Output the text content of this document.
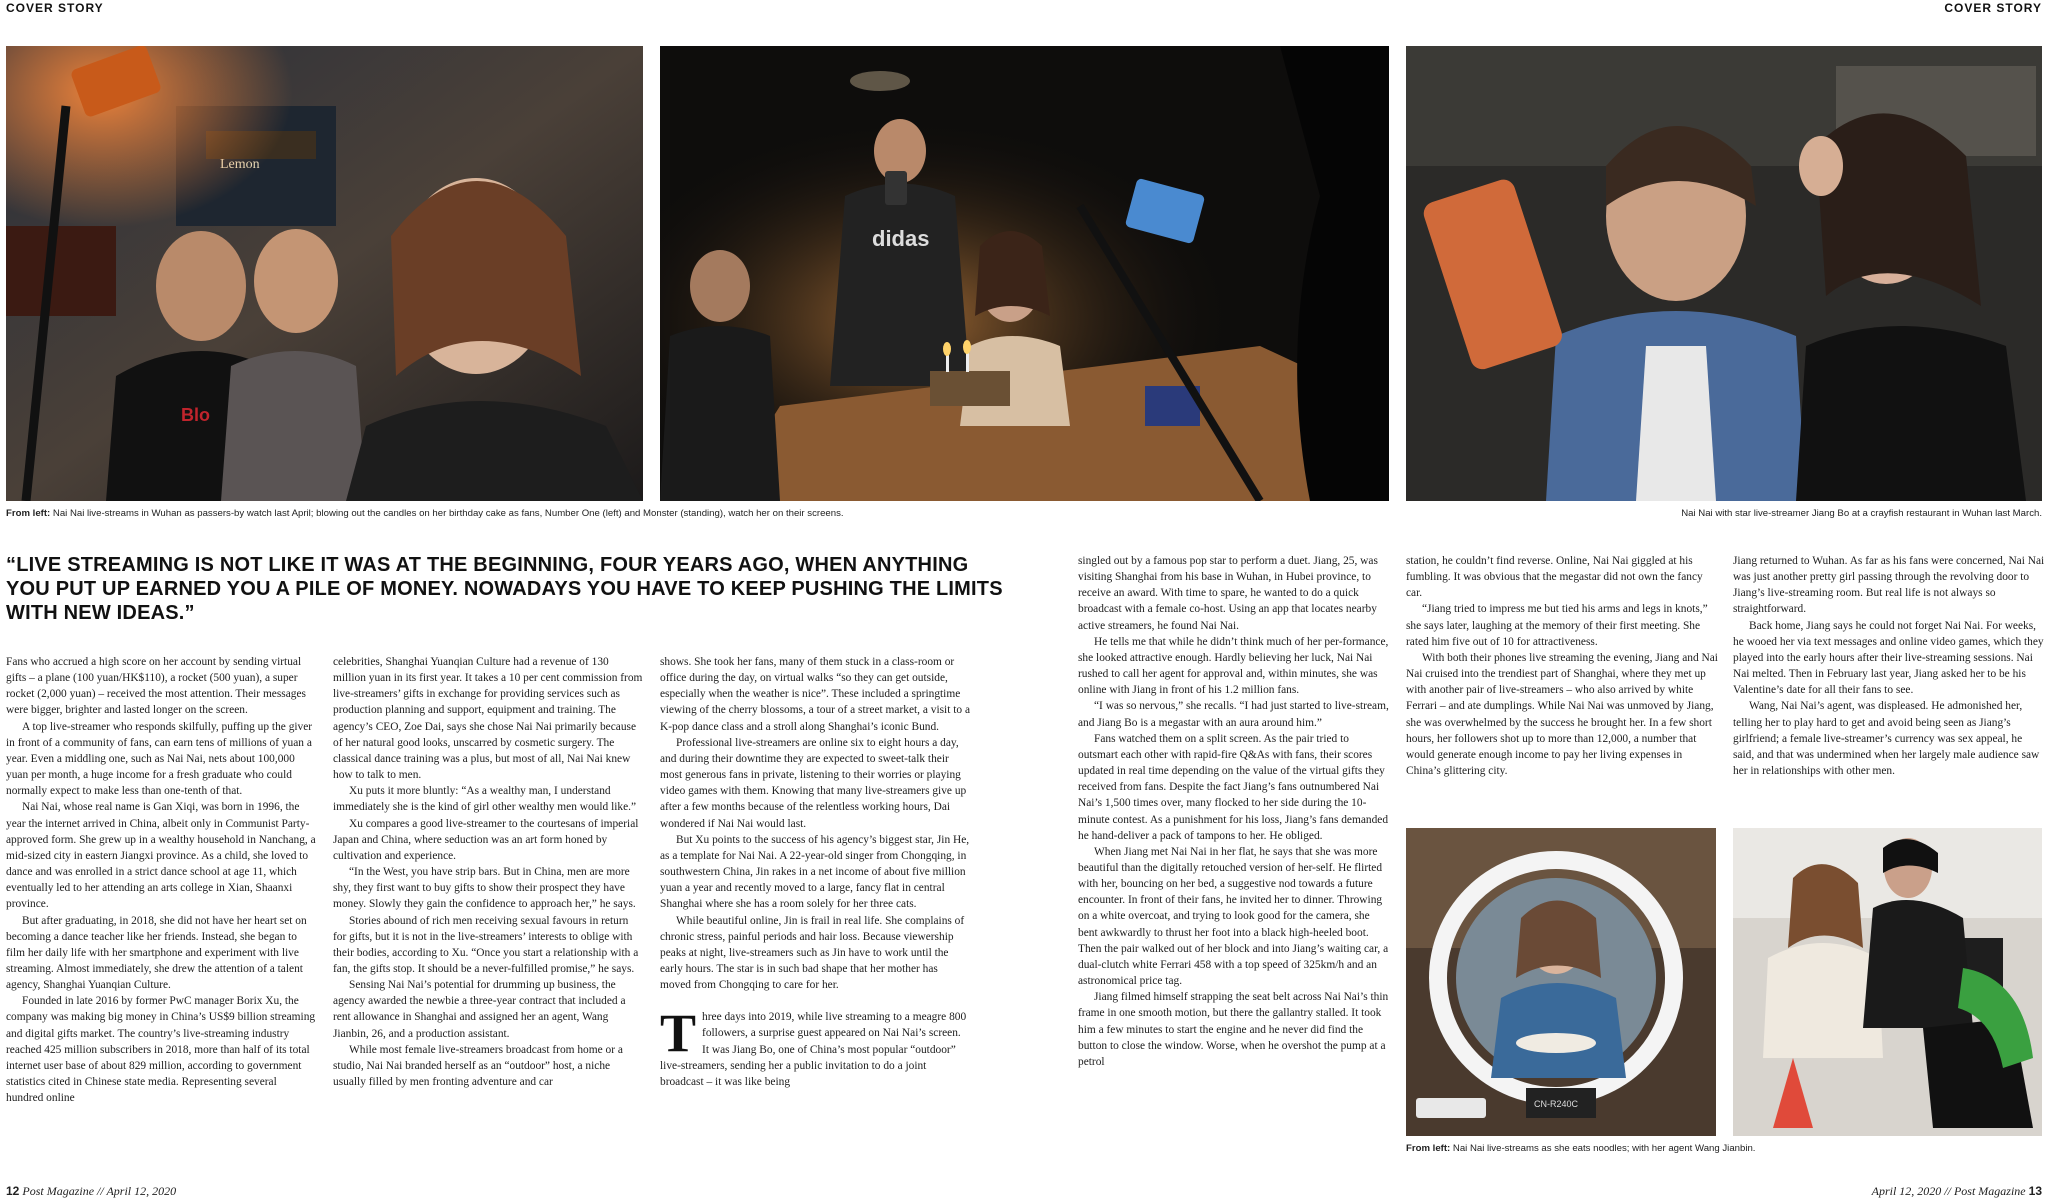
COVER STORY	COVER STORY
Blo
didas
From left: Nai Nai live-streams in Wuhan as passers-by watch last April; blowing out the candles on her birthday cake as fans, Number One (left) and Monster (standing), watch her on their screens.	Nai Nai with star live-streamer Jiang Bo at a crayfish restaurant in Wuhan last March.
“LIVE STREAMING IS NOT LIKE IT WAS AT THE BEGINNING, FOUR YEARS AGO, WHEN ANYTHING YOU PUT UP EARNED YOU A PILE OF MONEY. NOWADAYS YOU HAVE TO KEEP PUSHING THE LIMITS WITH NEW IDEAS.”

Fans who accrued a high score on her account by sending virtual gifts – a plane (100 yuan/HK$110), a rocket (500 yuan), a super rocket (2,000 yuan) – received the most attention. Their messages were bigger, brighter and lasted longer on the screen.

A top live-streamer who responds skilfully, puffing up the giver in front of a community of fans, can earn tens of millions of yuan a year. Even a middling one, such as Nai Nai, nets about 100,000 yuan per month, a huge income for a fresh graduate who could normally expect to make less than one-tenth of that.

Nai Nai, whose real name is Gan Xiqi, was born in 1996, the year the internet arrived in China, albeit only in Communist Party-approved form. She grew up in a wealthy household in Nanchang, a mid-sized city in eastern Jiangxi province. As a child, she loved to dance and was enrolled in a strict dance school at age 11, which eventually led to her attending an arts college in Xian, Shaanxi province.

But after graduating, in 2018, she did not have her heart set on becoming a dance teacher like her friends. Instead, she began to film her daily life with her smartphone and experiment with live streaming. Almost immediately, she drew the attention of a talent agency, Shanghai Yuanqian Culture.

Founded in late 2016 by former PwC manager Borix Xu, the company was making big money in China’s US$9 billion streaming and digital gifts market. The country’s live-streaming industry reached 425 million subscribers in 2018, more than half of its total internet user base of about 829 million, according to government statistics cited in Chinese state media. Representing several hundred online

celebrities, Shanghai Yuanqian Culture had a revenue of 130 million yuan in its first year. It takes a 10 per cent commission from live-streamers’ gifts in exchange for providing services such as production planning and support, equipment and training. The agency’s CEO, Zoe Dai, says she chose Nai Nai primarily because of her natural good looks, unscarred by cosmetic surgery. The classical dance training was a plus, but most of all, Nai Nai knew how to talk to men.

Xu puts it more bluntly: “As a wealthy man, I understand immediately she is the kind of girl other wealthy men would like.”

Xu compares a good live-streamer to the courtesans of imperial Japan and China, where seduction was an art form honed by cultivation and experience.

“In the West, you have strip bars. But in China, men are more shy, they first want to buy gifts to show their prospect they have money. Slowly they gain the confidence to approach her,” he says.

Stories abound of rich men receiving sexual favours in return for gifts, but it is not in the live-streamers’ interests to oblige with their bodies, according to Xu. “Once you start a relationship with a fan, the gifts stop. It should be a never-fulfilled promise,” he says.

Sensing Nai Nai’s potential for drumming up business, the agency awarded the newbie a three-year contract that included a rent allowance in Shanghai and assigned her an agent, Wang Jianbin, 26, and a production assistant.

While most female live-streamers broadcast from home or a studio, Nai Nai branded herself as an “outdoor” host, a niche usually filled by men fronting adventure and car

shows. She took her fans, many of them stuck in a class-room or office during the day, on virtual walks “so they can get outside, especially when the weather is nice”. These included a springtime viewing of the cherry blossoms, a tour of a street market, a visit to a K-pop dance class and a stroll along Shanghai’s iconic Bund.

Professional live-streamers are online six to eight hours a day, and during their downtime they are expected to sweet-talk their most generous fans in private, listening to their worries or playing video games with them. Knowing that many live-streamers give up after a few months because of the relentless working hours, Dai wondered if Nai Nai would last.

But Xu points to the success of his agency’s biggest star, Jin He, as a template for Nai Nai. A 22-year-old singer from Chongqing, in southwestern China, Jin rakes in a net income of about five million yuan a year and recently moved to a large, fancy flat in central Shanghai where she has a room solely for her three cats.

While beautiful online, Jin is frail in real life. She complains of chronic stress, painful periods and hair loss. Because viewership peaks at night, live-streamers such as Jin have to work until the early hours. The star is in such bad shape that her mother has moved from Chongqing to care for her.

Three days into 2019, while live streaming to a meagre 800 followers, a surprise guest appeared on Nai Nai’s screen. It was Jiang Bo, one of China’s most popular “outdoor” live-streamers, sending her a public invitation to do a joint broadcast – it was like being

singled out by a famous pop star to perform a duet. Jiang, 25, was visiting Shanghai from his base in Wuhan, in Hubei province, to receive an award. With time to spare, he wanted to do a quick broadcast with a female co-host. Using an app that locates nearby active streamers, he found Nai Nai.

He tells me that while he didn’t think much of her per-formance, she looked attractive enough. Hardly believing her luck, Nai Nai rushed to call her agent for approval and, within minutes, she was online with Jiang in front of his 1.2 million fans.

“I was so nervous,” she recalls. “I had just started to live-stream, and Jiang Bo is a megastar with an aura around him.”

Fans watched them on a split screen. As the pair tried to outsmart each other with rapid-fire Q&As with fans, their scores updated in real time depending on the value of the virtual gifts they received from fans. Despite the fact Jiang’s fans outnumbered Nai Nai’s 1,500 times over, many flocked to her side during the 10-minute contest. As a punishment for his loss, Jiang’s fans demanded he hand-deliver a pack of tampons to her. He obliged.

When Jiang met Nai Nai in her flat, he says that she was more beautiful than the digitally retouched version of her-self. He flirted with her, bouncing on her bed, a suggestive nod towards a future encounter. In front of their fans, he invited her to dinner. Throwing on a white overcoat, and trying to look good for the camera, she bent awkwardly to thrust her foot into a black high-heeled boot. Then the pair walked out of her block and into Jiang’s waiting car, a dual-clutch white Ferrari 458 with a top speed of 325km/h and an astronomical price tag.

Jiang filmed himself strapping the seat belt across Nai Nai’s thin frame in one smooth motion, but there the gallantry stalled. It took him a few minutes to start the engine and he never did find the button to close the window. Worse, when he overshot the pump at a petrol

station, he couldn’t find reverse. Online, Nai Nai giggled at his fumbling. It was obvious that the megastar did not own the fancy car.

“Jiang tried to impress me but tied his arms and legs in knots,” she says later, laughing at the memory of their first meeting. She rated him five out of 10 for attractiveness.

With both their phones live streaming the evening, Jiang and Nai Nai cruised into the trendiest part of Shanghai, where they met up with another pair of live-streamers – who also arrived by white Ferrari – and ate dumplings. While Nai Nai was unmoved by Jiang, she was overwhelmed by the success he brought her. In a few short hours, her followers shot up to more than 12,000, a number that would generate enough income to pay her living expenses in China’s glittering city.

Jiang returned to Wuhan. As far as his fans were concerned, Nai Nai was just another pretty girl passing through the revolving door to Jiang’s live-streaming room. But real life is not always so straightforward.

Back home, Jiang says he could not forget Nai Nai. For weeks, he wooed her via text messages and online video games, which they played into the early hours after their live-streaming sessions. Nai Nai melted. Then in February last year, Jiang asked her to be his Valentine’s date for all their fans to see.

Wang, Nai Nai’s agent, was displeased. He admonished her, telling her to play hard to get and avoid being seen as Jiang’s girlfriend; a female live-streamer’s currency was sex appeal, he said, and that was undermined when her largely male audience saw her in relationships with other men.

CN-R240C
From left: Nai Nai live-streams as she eats noodles; with her agent Wang Jianbin.
12 Post Magazine // April 12, 2020	April 12, 2020 // Post Magazine 13
